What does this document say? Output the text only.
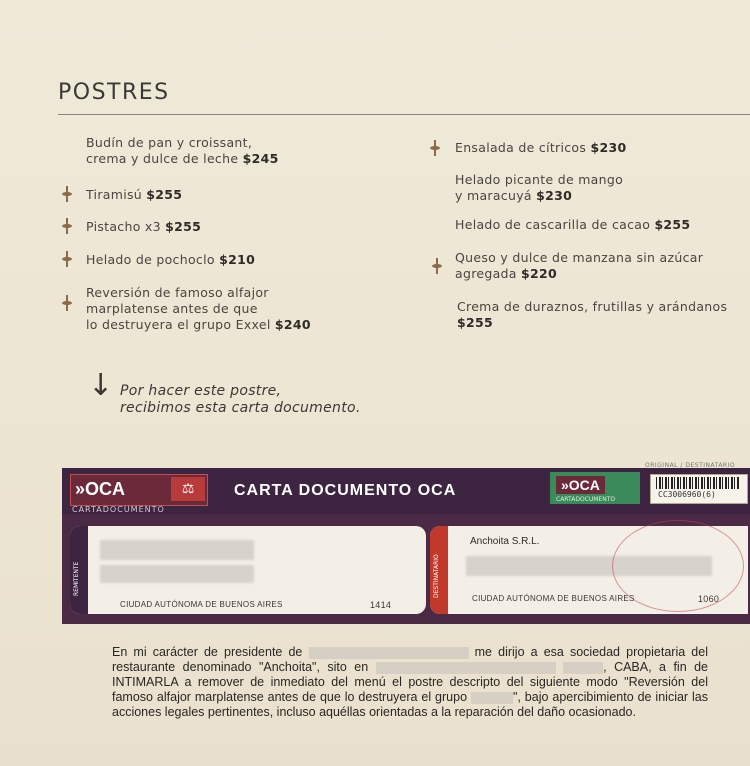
POSTRES
Budín de pan y croissant,
crema y dulce de leche $245
Tiramisú $255
Pistacho x3 $255
Helado de pochoclo $210
Reversión de famoso alfajor
marplatense antes de que
lo destruyera el grupo Exxel $240
Ensalada de cítricos $230
Helado picante de mango
y maracuyá $230
Helado de cascarilla de cacao $255
Queso y dulce de manzana sin azúcar
agregada $220
Crema de duraznos, frutillas y arándanos
$255
↓ Por hacer este postre,
recibimos esta carta documento.
»OCA	⚖
CARTADOCUMENTO
CARTA DOCUMENTO OCA	»OCA
CARTADOCUMENTO
ORIGINAL / DESTINATARIO
CC3006960(6)
REMITENTE
CIUDAD AUTÓNOMA DE BUENOS AIRES	1414
DESTINATARIO
Anchoita S.R.L.
CIUDAD AUTÓNOMA DE BUENOS AIRES	1060
En mi carácter de presidente de	me dirijo a esa sociedad propietaria del restaurante denominado "Anchoita", sito en	, CABA, a fin de INTIMARLA a remover de inmediato del menú el postre descripto del siguiente modo "Reversión del famoso alfajor marplatense antes de que lo destruyera el grupo	", bajo apercibimiento de iniciar las acciones legales pertinentes, incluso aquéllas orientadas a la reparación del daño ocasionado.
